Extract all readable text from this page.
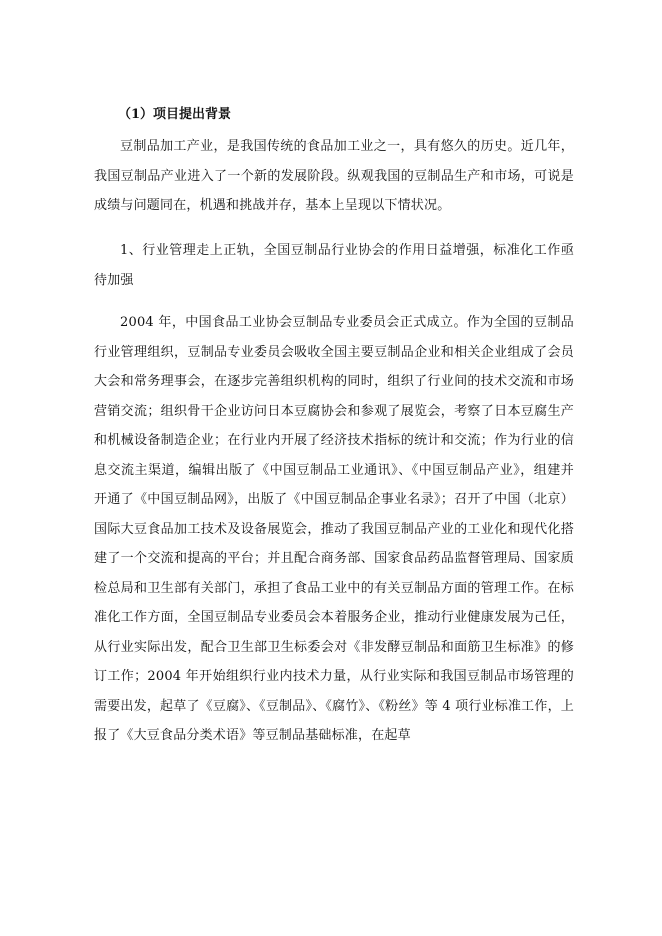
（1）项目提出背景

豆制品加工产业，是我国传统的食品加工业之一，具有悠久的历史。近几年，我国豆制品产业进入了一个新的发展阶段。纵观我国的豆制品生产和市场，可说是成绩与问题同在，机遇和挑战并存，基本上呈现以下情状况。

1、行业管理走上正轨，全国豆制品行业协会的作用日益增强，标准化工作亟待加强

2004 年，中国食品工业协会豆制品专业委员会正式成立。作为全国的豆制品行业管理组织，豆制品专业委员会吸收全国主要豆制品企业和相关企业组成了会员大会和常务理事会，在逐步完善组织机构的同时，组织了行业间的技术交流和市场营销交流；组织骨干企业访问日本豆腐协会和参观了展览会，考察了日本豆腐生产和机械设备制造企业；在行业内开展了经济技术指标的统计和交流；作为行业的信息交流主渠道，编辑出版了《中国豆制品工业通讯》、《中国豆制品产业》，组建并开通了《中国豆制品网》，出版了《中国豆制品企事业名录》；召开了中国（北京）国际大豆食品加工技术及设备展览会，推动了我国豆制品产业的工业化和现代化搭建了一个交流和提高的平台；并且配合商务部、国家食品药品监督管理局、国家质检总局和卫生部有关部门，承担了食品工业中的有关豆制品方面的管理工作。在标准化工作方面，全国豆制品专业委员会本着服务企业，推动行业健康发展为己任，从行业实际出发，配合卫生部卫生标委会对《非发酵豆制品和面筋卫生标准》的修订工作；2004 年开始组织行业内技术力量，从行业实际和我国豆制品市场管理的需要出发，起草了《豆腐》、《豆制品》、《腐竹》、《粉丝》等 4 项行业标准工作，上报了《大豆食品分类术语》等豆制品基础标准，在起草
